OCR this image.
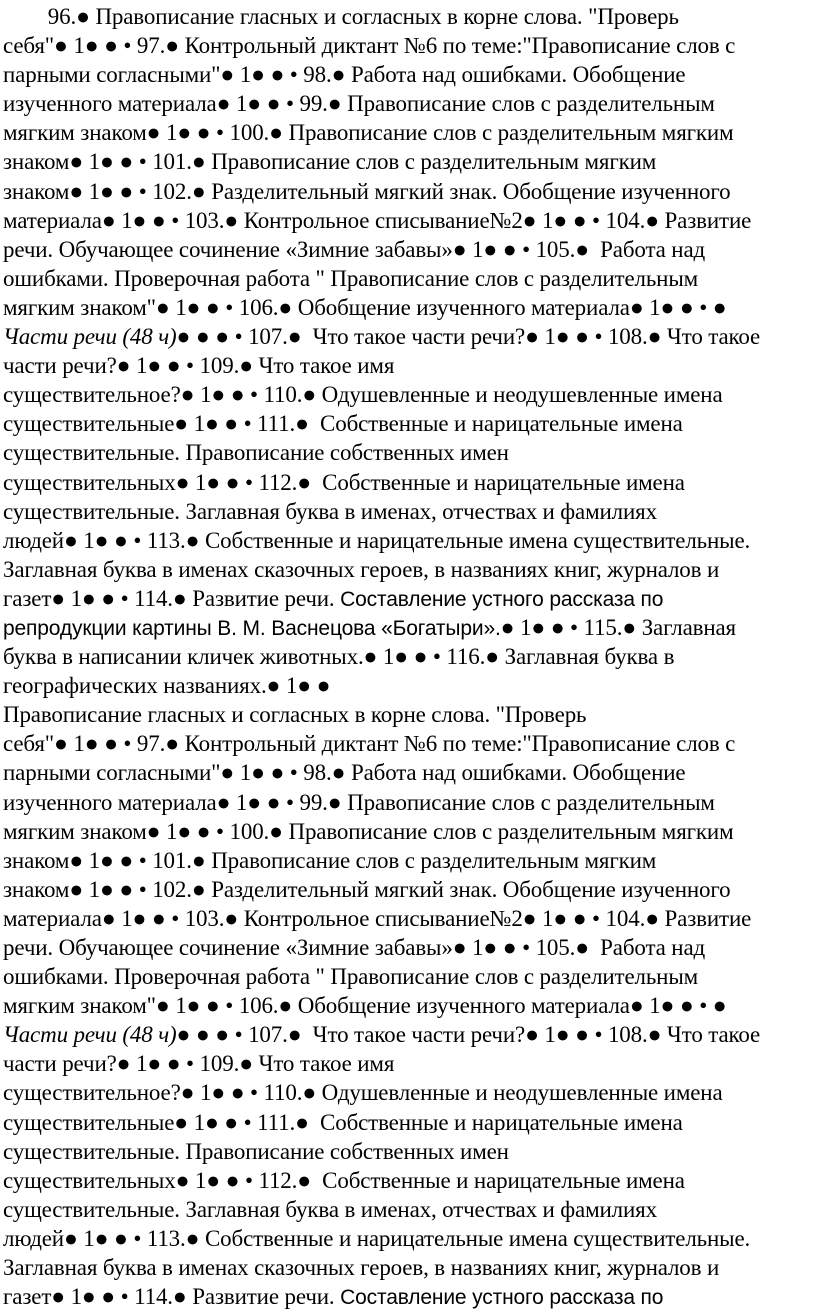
96.● Правописание гласных и согласных в корне слова. "Проверь
себя"● 1● ● • 97.● Контрольный диктант №6 по теме:"Правописание слов с
парными согласными"● 1● ● • 98.● Работа над ошибками. Обобщение
изученного материала● 1● ● • 99.● Правописание слов с разделительным
мягким знаком● 1● ● • 100.● Правописание слов с разделительным мягким
знаком● 1● ● • 101.● Правописание слов с разделительным мягким
знаком● 1● ● • 102.● Разделительный мягкий знак. Обобщение изученного
материала● 1● ● • 103.● Контрольное списывание№2● 1● ● • 104.● Развитие
речи. Обучающее сочинение «Зимние забавы»● 1● ● • 105.●  Работа над
ошибками. Проверочная работа " Правописание слов с разделительным
мягким знаком"● 1● ● • 106.● Обобщение изученного материала● 1● ● • ●
Части речи (48 ч)● ● ● • 107.●  Что такое части речи?● 1● ● • 108.● Что такое
части речи?● 1● ● • 109.● Что такое имя
существительное?● 1● ● • 110.● Одушевленные и неодушевленные имена
существительные● 1● ● • 111.●  Собственные и нарицательные имена
существительные. Правописание собственных имен
существительных● 1● ● • 112.●  Собственные и нарицательные имена
существительные. Заглавная буква в именах, отчествах и фамилиях
людей● 1● ● • 113.● Собственные и нарицательные имена существительные.
Заглавная буква в именах сказочных героев, в названиях книг, журналов и
газет● 1● ● • 114.● Развитие речи. Составление устного рассказа по
репродукции картины В. М. Васнецова «Богатыри».● 1● ● • 115.● Заглавная
буква в написании кличек животных.● 1● ● • 116.● Заглавная буква в
географических названиях.● 1● ●
Правописание гласных и согласных в корне слова. "Проверь
себя"● 1● ● • 97.● Контрольный диктант №6 по теме:"Правописание слов с
парными согласными"● 1● ● • 98.● Работа над ошибками. Обобщение
изученного материала● 1● ● • 99.● Правописание слов с разделительным
мягким знаком● 1● ● • 100.● Правописание слов с разделительным мягким
знаком● 1● ● • 101.● Правописание слов с разделительным мягким
знаком● 1● ● • 102.● Разделительный мягкий знак. Обобщение изученного
материала● 1● ● • 103.● Контрольное списывание№2● 1● ● • 104.● Развитие
речи. Обучающее сочинение «Зимние забавы»● 1● ● • 105.●  Работа над
ошибками. Проверочная работа " Правописание слов с разделительным
мягким знаком"● 1● ● • 106.● Обобщение изученного материала● 1● ● • ●
Части речи (48 ч)● ● ● • 107.●  Что такое части речи?● 1● ● • 108.● Что такое
части речи?● 1● ● • 109.● Что такое имя
существительное?● 1● ● • 110.● Одушевленные и неодушевленные имена
существительные● 1● ● • 111.●  Собственные и нарицательные имена
существительные. Правописание собственных имен
существительных● 1● ● • 112.●  Собственные и нарицательные имена
существительные. Заглавная буква в именах, отчествах и фамилиях
людей● 1● ● • 113.● Собственные и нарицательные имена существительные.
Заглавная буква в именах сказочных героев, в названиях книг, журналов и
газет● 1● ● • 114.● Развитие речи. Составление устного рассказа по
